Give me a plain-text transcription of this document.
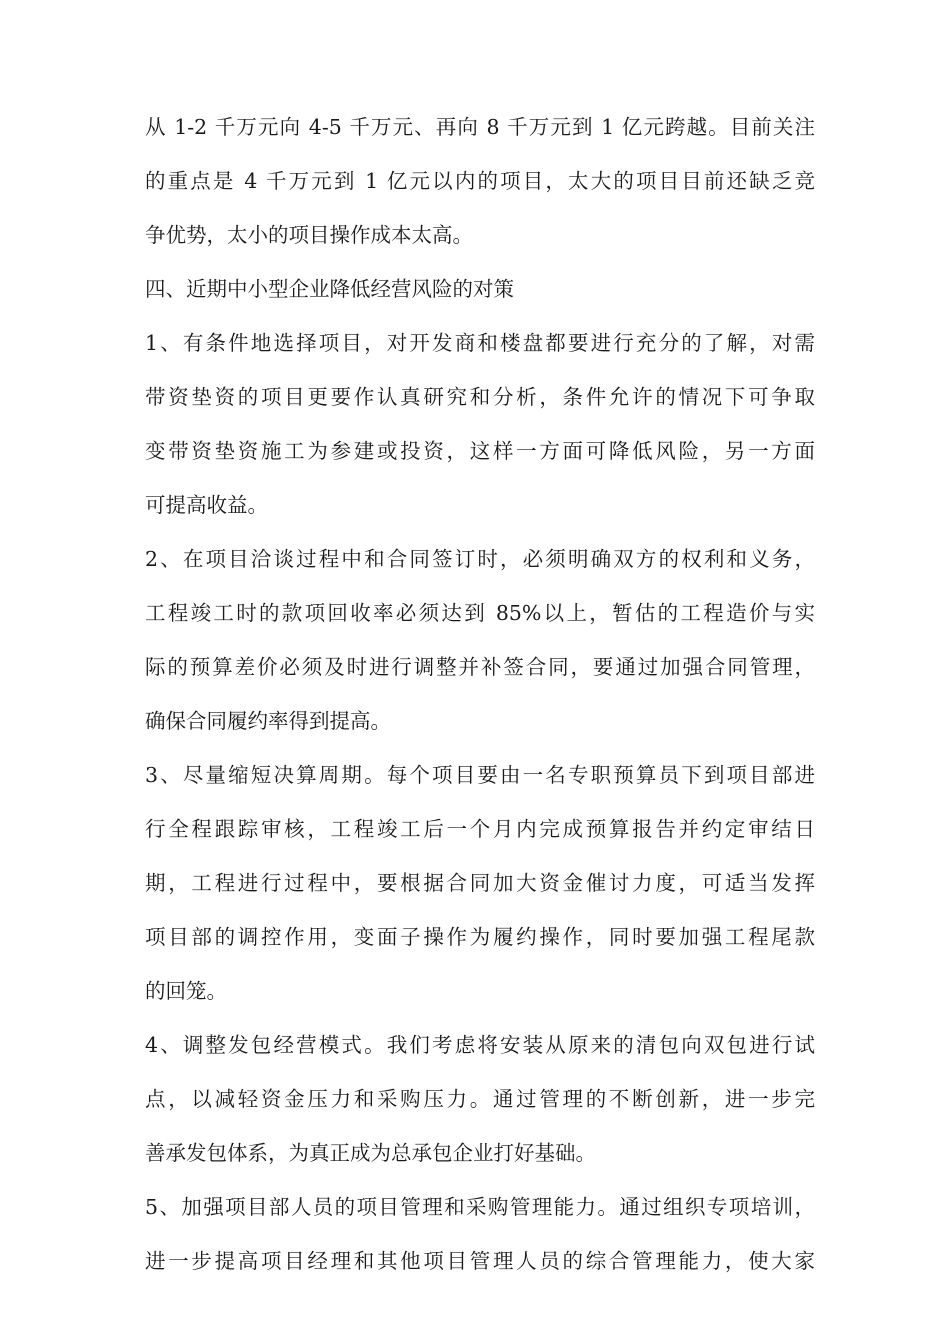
从 1-2 千万元向 4-5 千万元、再向 8 千万元到 1 亿元跨越。目前关注
的重点是 4 千万元到 1 亿元以内的项目，太大的项目目前还缺乏竞
争优势，太小的项目操作成本太高。
四、近期中小型企业降低经营风险的对策
1、有条件地选择项目，对开发商和楼盘都要进行充分的了解，对需
带资垫资的项目更要作认真研究和分析，条件允许的情况下可争取
变带资垫资施工为参建或投资，这样一方面可降低风险，另一方面
可提高收益。
2、在项目洽谈过程中和合同签订时，必须明确双方的权利和义务，
工程竣工时的款项回收率必须达到 85%以上，暂估的工程造价与实
际的预算差价必须及时进行调整并补签合同，要通过加强合同管理，
确保合同履约率得到提高。
3、尽量缩短决算周期。每个项目要由一名专职预算员下到项目部进
行全程跟踪审核，工程竣工后一个月内完成预算报告并约定审结日
期，工程进行过程中，要根据合同加大资金催讨力度，可适当发挥
项目部的调控作用，变面子操作为履约操作，同时要加强工程尾款
的回笼。
4、调整发包经营模式。我们考虑将安装从原来的清包向双包进行试
点，以减轻资金压力和采购压力。通过管理的不断创新，进一步完
善承发包体系，为真正成为总承包企业打好基础。
5、加强项目部人员的项目管理和采购管理能力。通过组织专项培训，
进一步提高项目经理和其他项目管理人员的综合管理能力，使大家
